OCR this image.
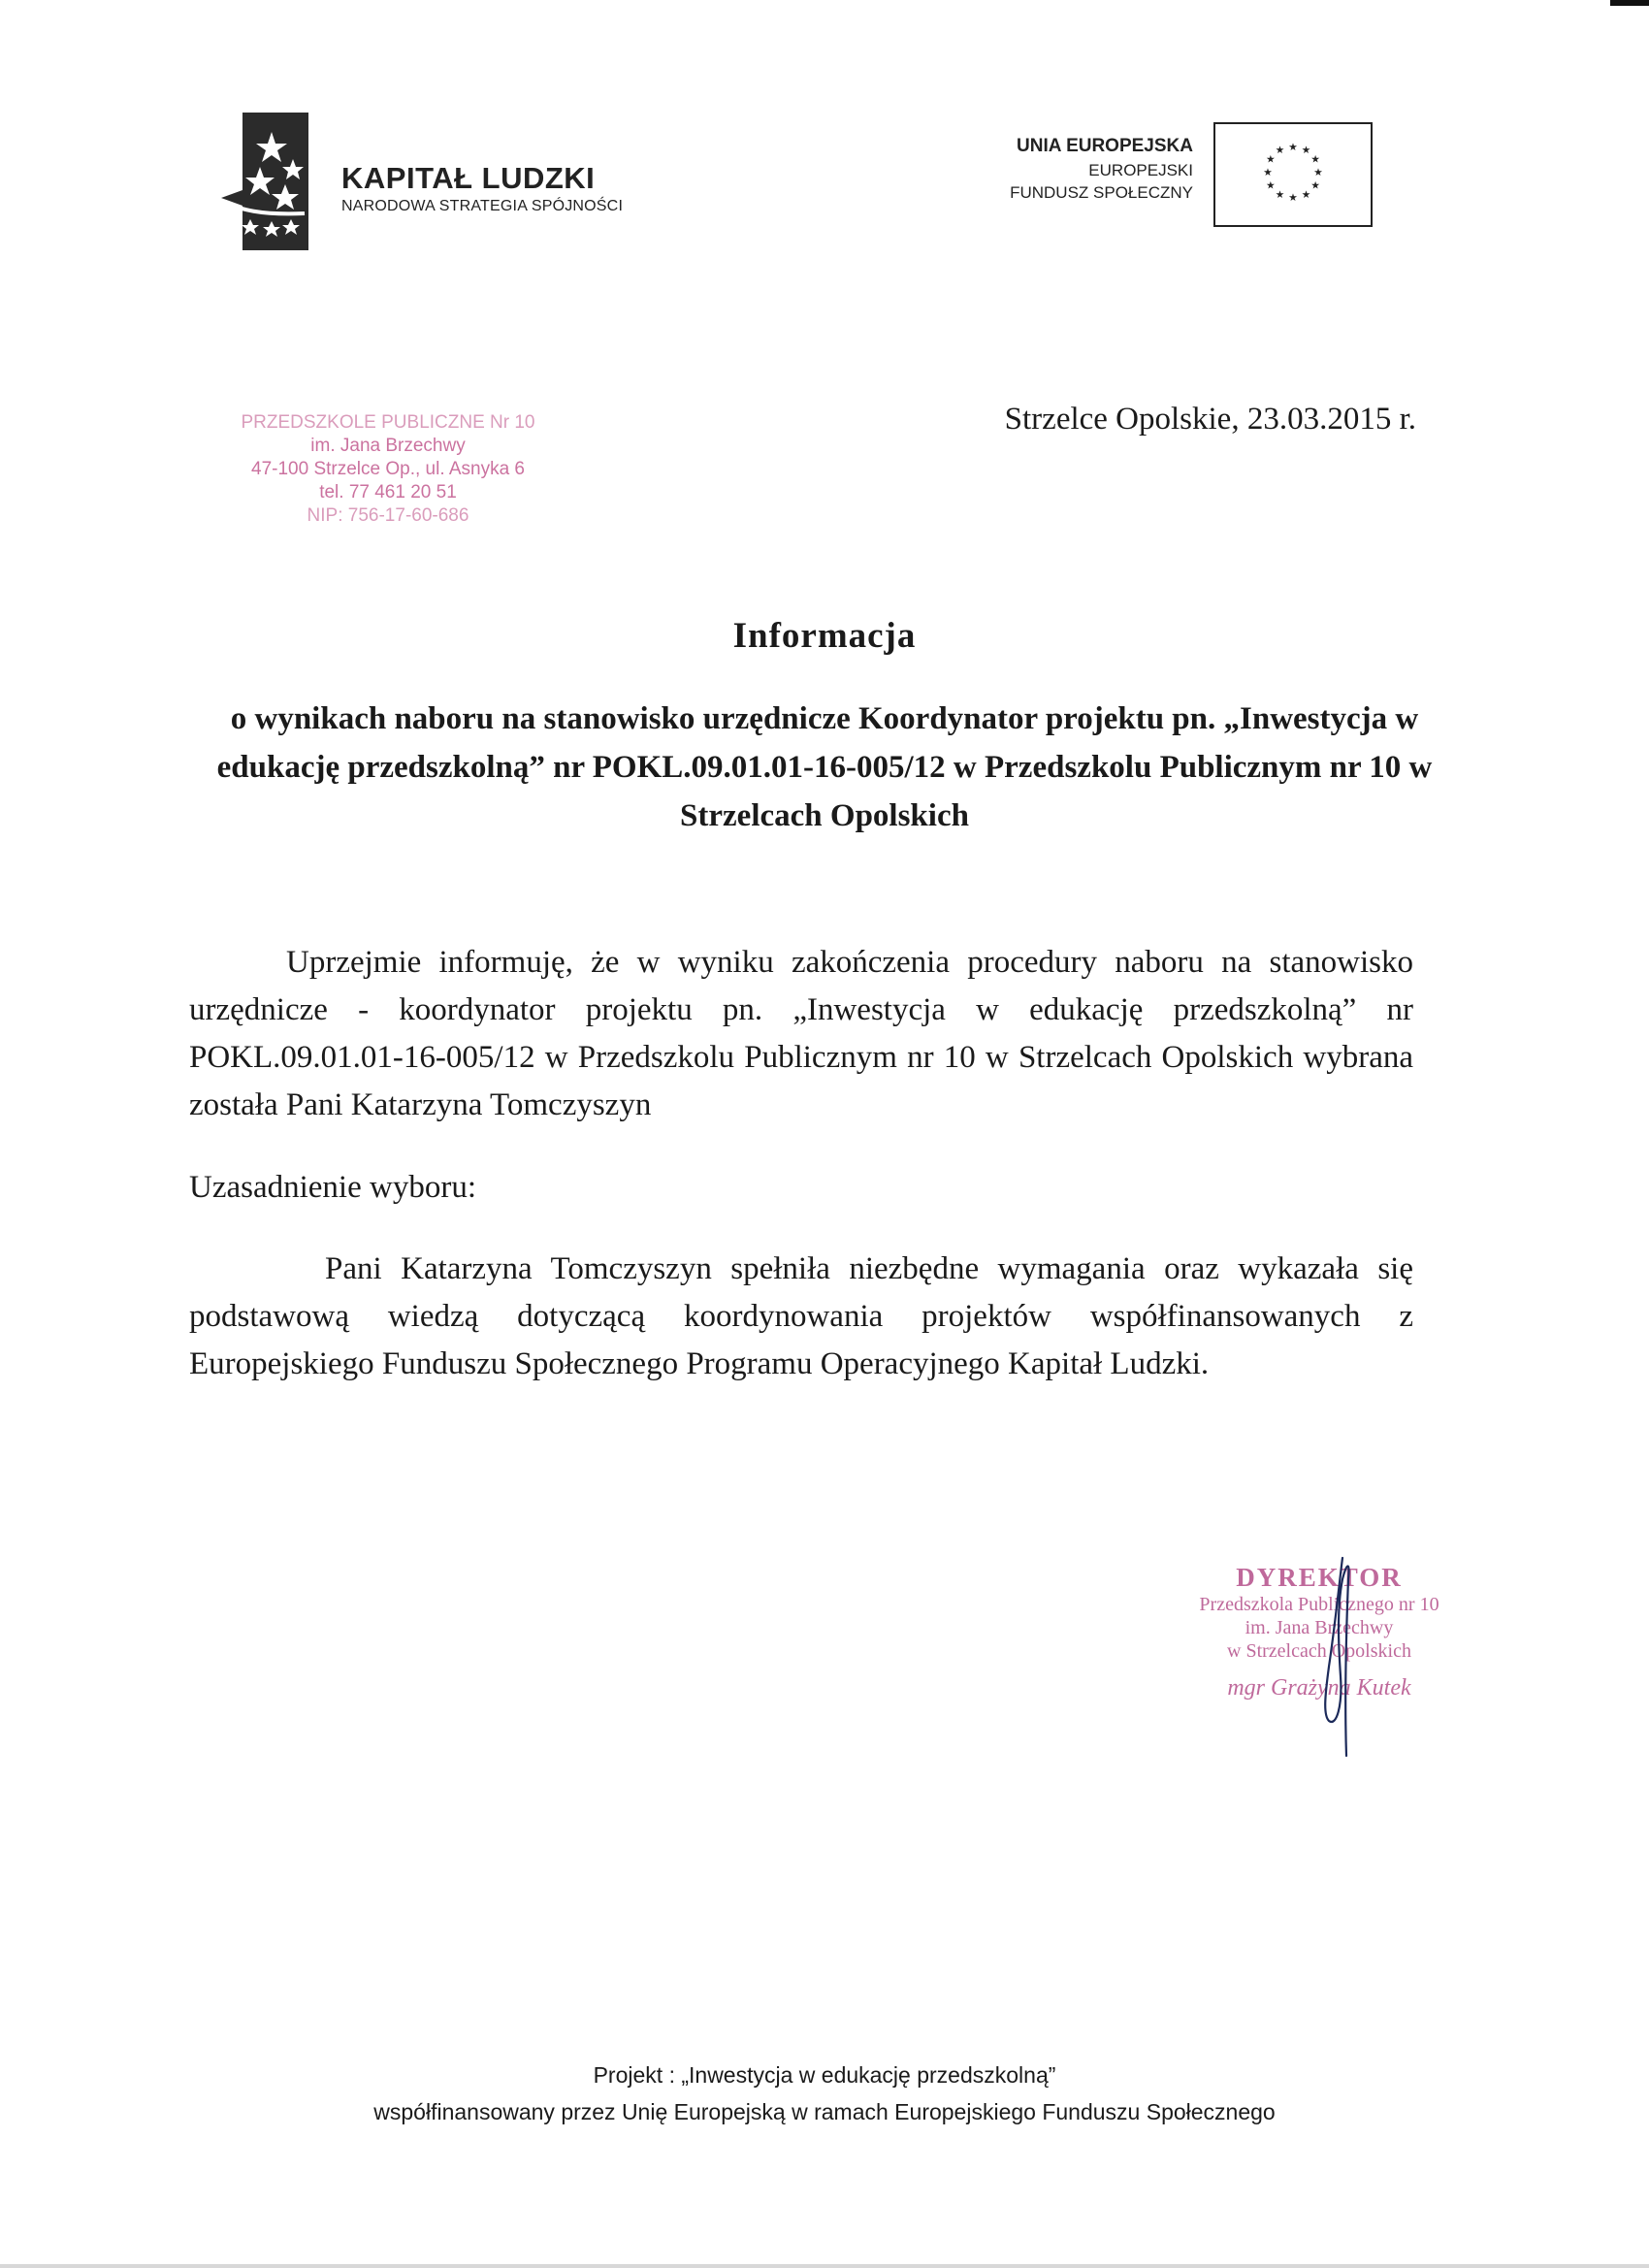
KAPITAŁ LUDZKI
NARODOWA STRATEGIA SPÓJNOŚCI
UNIA EUROPEJSKA
EUROPEJSKI
FUNDUSZ SPOŁECZNY
★ ★
★
★
★
★
★
★
★
★
★
★
PRZEDSZKOLE PUBLICZNE Nr 10
im. Jana Brzechwy
47-100 Strzelce Op., ul. Asnyka 6
tel. 77 461 20 51
NIP: 756-17-60-686
Strzelce Opolskie, 23.03.2015 r.
Informacja
o wynikach naboru na stanowisko urzędnicze Koordynator projektu pn. „Inwestycja w edukację przedszkolną” nr POKL.09.01.01-16-005/12 w Przedszkolu Publicznym nr 10 w Strzelcach Opolskich
Uprzejmie informuję, że w wyniku zakończenia procedury naboru na stanowisko urzędnicze - koordynator projektu pn. „Inwestycja w edukację przedszkolną” nr POKL.09.01.01-16-005/12 w Przedszkolu Publicznym nr 10 w Strzelcach Opolskich wybrana została Pani Katarzyna Tomczyszyn
Uzasadnienie wyboru:
Pani Katarzyna Tomczyszyn spełniła niezbędne wymagania oraz wykazała się podstawową wiedzą dotyczącą koordynowania projektów współfinansowanych z Europejskiego Funduszu Społecznego Programu Operacyjnego Kapitał Ludzki.
DYREKTOR
Przedszkola Publicznego nr 10
im. Jana Brzechwy
w Strzelcach Opolskich
mgr Grażyna Kutek
Projekt : „Inwestycja w edukację przedszkolną”
współfinansowany przez Unię Europejską w ramach Europejskiego Funduszu Społecznego
